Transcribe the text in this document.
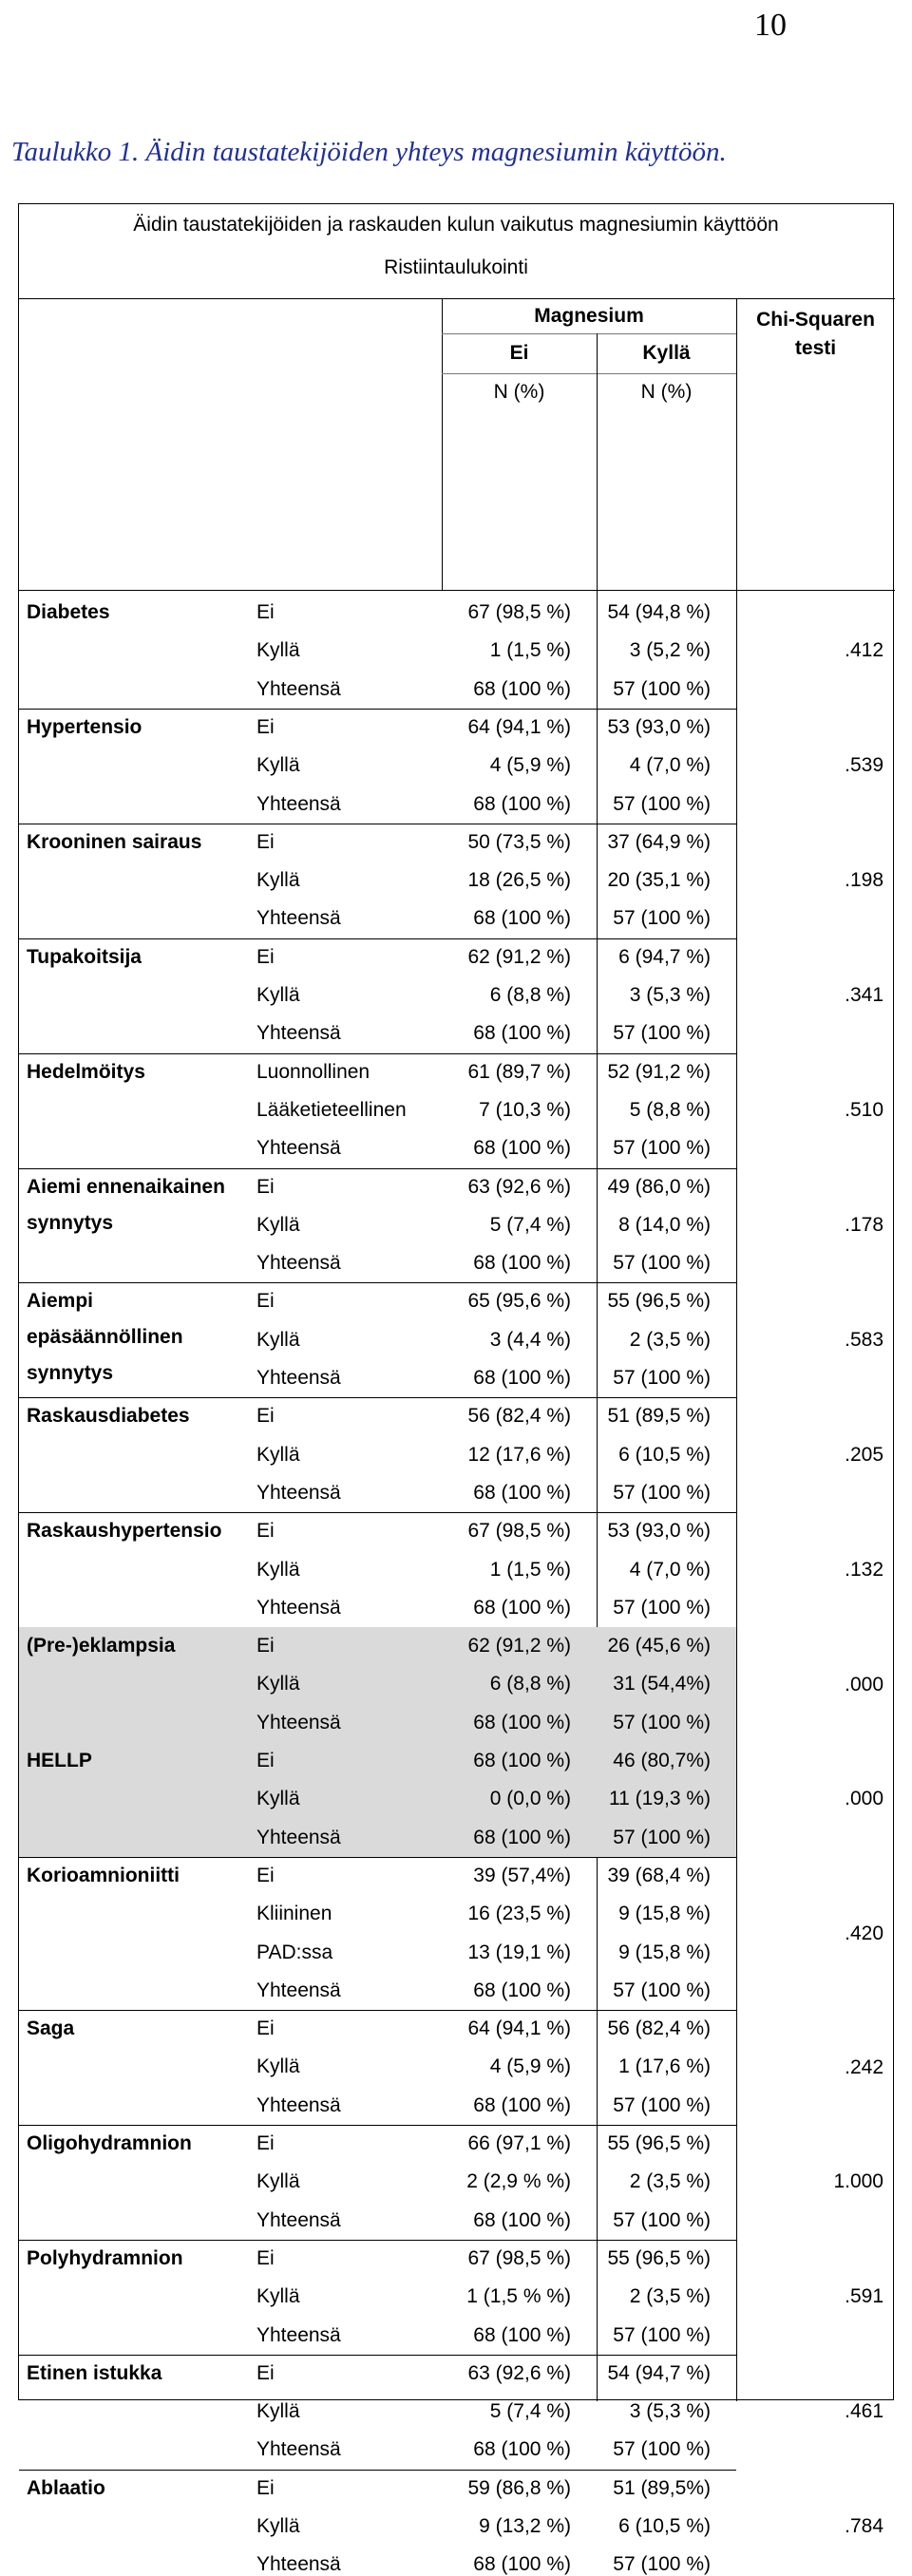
10
Taulukko 1. Äidin taustatekijöiden yhteys magnesiumin käyttöön.
Äidin taustatekijöiden ja raskauden kulun vaikutus magnesiumin käyttöön
Ristiintaulukointi
Magnesium
Ei	Kyllä
N (%)	N (%)
Chi-Squaren
testi
Diabetes	Ei	67 (98,5 %) 54 (94,8 %)
Kyllä	1 (1,5 %)	3 (5,2 %)
Yhteensä	68 (100 %) 57 (100 %)
.412
Hypertensio	Ei	64 (94,1 %) 53 (93,0 %)
Kyllä	4 (5,9 %)	4 (7,0 %)
Yhteensä	68 (100 %) 57 (100 %)
.539
Krooninen sairaus	Ei	50 (73,5 %) 37 (64,9 %)
Kyllä	18 (26,5 %) 20 (35,1 %)
Yhteensä	68 (100 %) 57 (100 %)
.198
Tupakoitsija	Ei	62 (91,2 %) 6 (94,7 %)
Kyllä	6 (8,8 %)	3 (5,3 %)
Yhteensä	68 (100 %) 57 (100 %)
.341
Hedelmöitys	Luonnollinen	61 (89,7 %) 52 (91,2 %)
Lääketieteellinen	7 (10,3 %)	5 (8,8 %)
Yhteensä	68 (100 %) 57 (100 %)
.510
Aiemi ennenaikainen
synnytys
Ei	63 (92,6 %) 49 (86,0 %)
Kyllä	5 (7,4 %) 8 (14,0 %)
Yhteensä	68 (100 %) 57 (100 %)
.178
Aiempi
epäsäännöllinen
synnytys
Ei	65 (95,6 %) 55 (96,5 %)
Kyllä	3 (4,4 %)	2 (3,5 %)
Yhteensä	68 (100 %) 57 (100 %)
.583
Raskausdiabetes	Ei	56 (82,4 %) 51 (89,5 %)
Kyllä	12 (17,6 %) 6 (10,5 %)
Yhteensä	68 (100 %) 57 (100 %)
.205
Raskaushypertensio	Ei	67 (98,5 %) 53 (93,0 %)
Kyllä	1 (1,5 %)	4 (7,0 %)
Yhteensä	68 (100 %) 57 (100 %)
.132
(Pre-)eklampsia	Ei	62 (91,2 %) 26 (45,6 %)
Kyllä	6 (8,8 %) 31 (54,4%)
Yhteensä	68 (100 %) 57 (100 %)
.000
HELLP	Ei	68 (100 %) 46 (80,7%)
Kyllä	0 (0,0 %) 11 (19,3 %)
Yhteensä	68 (100 %) 57 (100 %)
.000
Korioamnioniitti	Ei	39 (57,4%) 39 (68,4 %)
Kliininen	16 (23,5 %) 9 (15,8 %)
PAD:ssa	13 (19,1 %) 9 (15,8 %)
Yhteensä	68 (100 %) 57 (100 %)
.420
Saga	Ei	64 (94,1 %) 56 (82,4 %)
Kyllä	4 (5,9 %) 1 (17,6 %)
Yhteensä	68 (100 %) 57 (100 %)
.242
Oligohydramnion	Ei	66 (97,1 %) 55 (96,5 %)
Kyllä	2 (2,9 % %)	2 (3,5 %)
Yhteensä	68 (100 %) 57 (100 %)
1.000
Polyhydramnion	Ei	67 (98,5 %) 55 (96,5 %)
Kyllä	1 (1,5 % %)	2 (3,5 %)
Yhteensä	68 (100 %) 57 (100 %)
.591
Etinen istukka	Ei	63 (92,6 %) 54 (94,7 %)
Kyllä	5 (7,4 %)	3 (5,3 %)
Yhteensä	68 (100 %) 57 (100 %)
.461
Ablaatio	Ei	59 (86,8 %) 51 (89,5%)
Kyllä	9 (13,2 %) 6 (10,5 %)
Yhteensä	68 (100 %) 57 (100 %)
.784
